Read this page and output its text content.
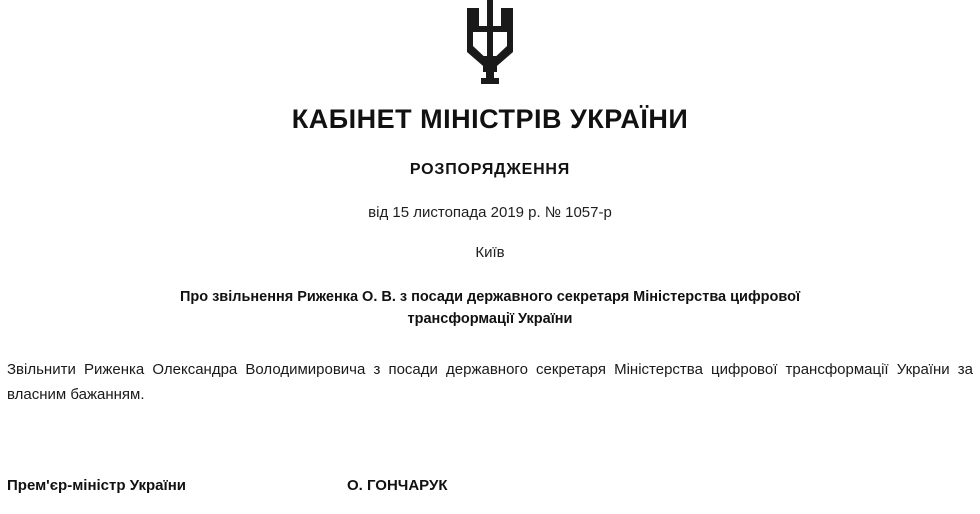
КАБІНЕТ МІНІСТРІВ УКРАЇНИ
РОЗПОРЯДЖЕННЯ
від 15 листопада 2019 р. № 1057-р
Київ
Про звільнення Риженка О. В. з посади державного секретаря Міністерства цифрової трансформації України
Звільнити Риженка Олександра Володимировича з посади державного секретаря Міністерства цифрової трансформації України за власним бажанням.
Прем'єр-міністр України	О. ГОНЧАРУК
